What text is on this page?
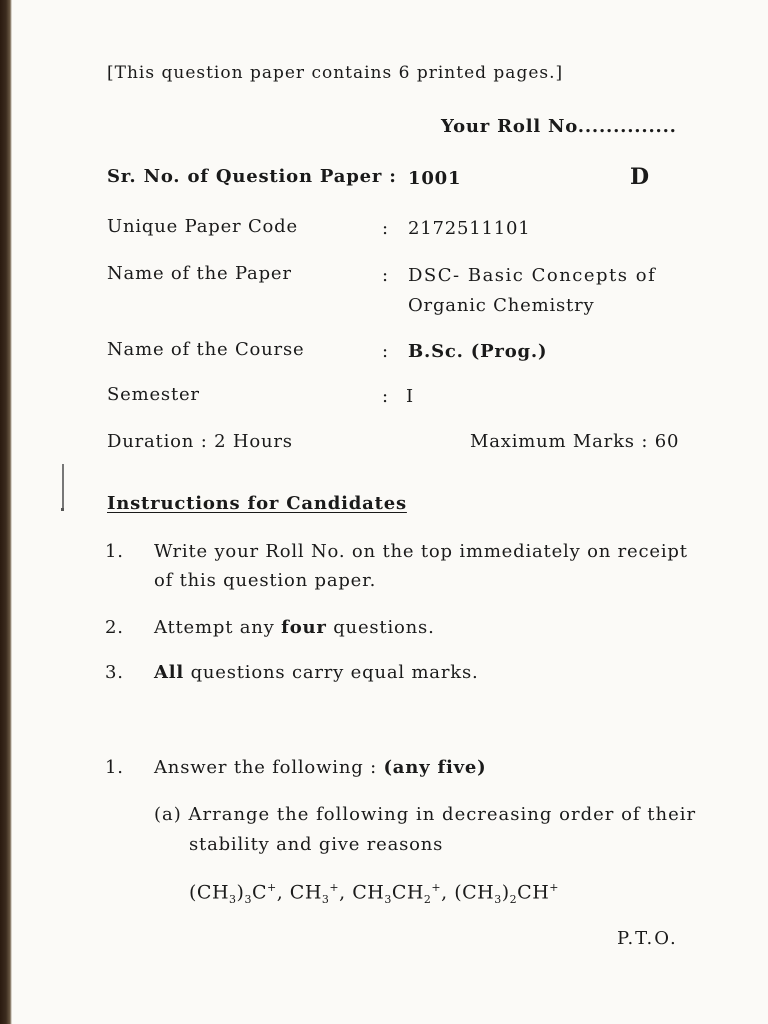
[This question paper contains 6 printed pages.]
Your Roll No..............
Sr. No. of Question Paper : 1001	D
Unique Paper Code	: 2172511101
Name of the Paper	: DSC- Basic Concepts of
Organic Chemistry
Name of the Course	: B.Sc. (Prog.)
Semester	: I
Duration : 2 Hours	Maximum Marks : 60
Instructions for Candidates
1. Write your Roll No. on the top immediately on receipt
of this question paper.
2. Attempt any four questions.
3. All questions carry equal marks.
1. Answer the following : (any five)
(a) Arrange the following in decreasing order of their
stability and give reasons
$(CH_3)_3C^+$, $CH_3^+$, $CH_3CH_2^+$, $(CH_3)_2CH^+$
P.T.O.
